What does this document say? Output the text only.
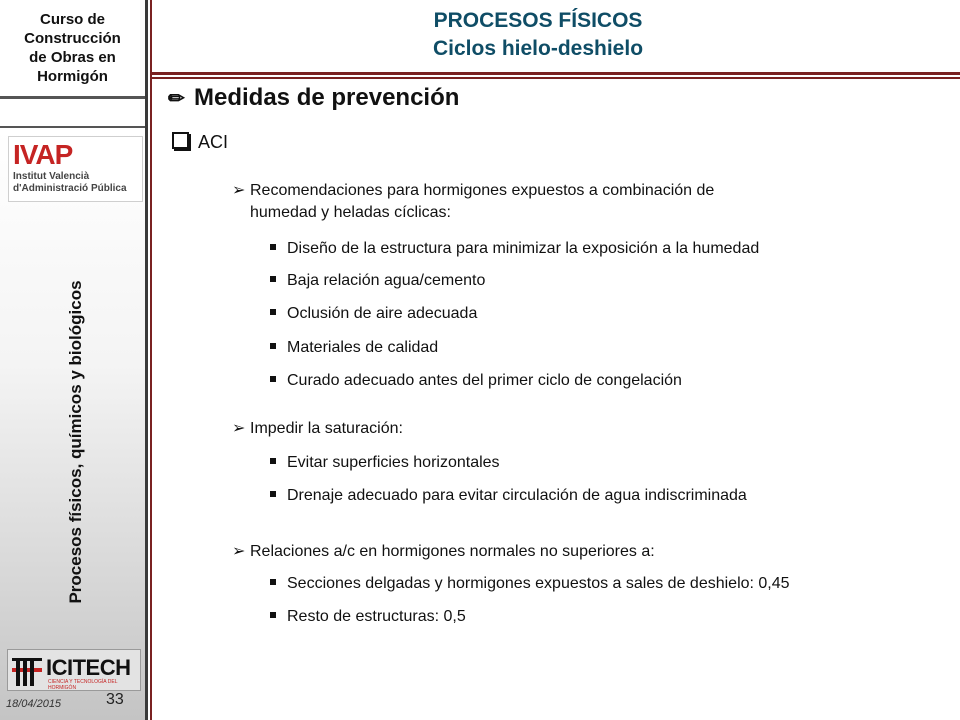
Curso de
Construcción
de Obras en
Hormigón
IVAP
Institut Valencià
d'Administració Pública
Procesos físicos, químicos y biológicos
ICITECH
CIENCIA Y TECNOLOGÍA DEL HORMIGÓN
18/04/2015	33
PROCESOS FÍSICOS
Ciclos hielo-deshielo
✏ Medidas de prevención
ACI
➢ Recomendaciones para hormigones expuestos a combinación de
humedad y heladas cíclicas:
Diseño de la estructura para minimizar la exposición a la humedad
Baja relación agua/cemento
Oclusión de aire adecuada
Materiales de calidad
Curado adecuado antes del primer ciclo de congelación
➢ Impedir la saturación:
Evitar superficies horizontales
Drenaje adecuado para evitar circulación de agua indiscriminada
➢ Relaciones a/c en hormigones normales no superiores a:
Secciones delgadas y hormigones expuestos a sales de deshielo: 0,45
Resto de estructuras: 0,5
